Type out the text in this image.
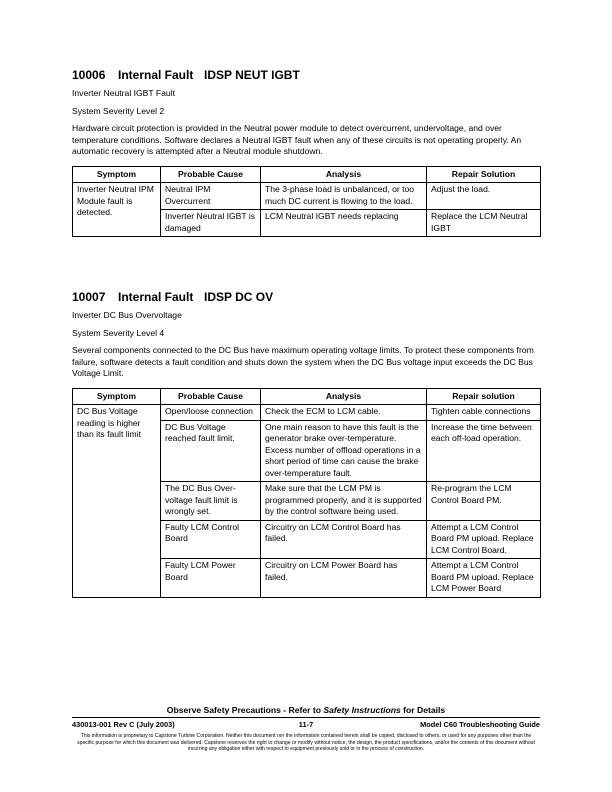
10006 Internal Fault IDSP NEUT IGBT

Inverter Neutral IGBT Fault

System Severity Level 2

Hardware circuit protection is provided in the Neutral power module to detect overcurrent, undervoltage, and over temperature conditions. Software declares a Neutral IGBT fault when any of these circuits is not operating properly. An automatic recovery is attempted after a Neutral module shutdown.

Symptom	Probable Cause	Analysis	Repair Solution
Inverter Neutral IPM Module fault is detected.	Neutral IPM Overcurrent	The 3-phase load is unbalanced, or too much DC current is flowing to the load.	Adjust the load.
	Inverter Neutral IGBT is damaged	LCM Neutral IGBT needs replacing	Replace the LCM Neutral IGBT
10007 Internal Fault IDSP DC OV

Inverter DC Bus Overvoltage

System Severity Level 4

Several components connected to the DC Bus have maximum operating voltage limits. To protect these components from failure, software detects a fault condition and shuts down the system when the DC Bus voltage input exceeds the DC Bus Voltage Limit.

Symptom	Probable Cause	Analysis	Repair solution
DC Bus Voltage reading is higher than its fault limit	Open/loose connection	Check the ECM to LCM cable.	Tighten cable connections
	DC Bus Voltage reached fault limit.	One main reason to have this fault is the generator brake over-temperature. Excess number of offload operations in a short period of time can cause the brake over-temperature fault.	Increase the time between each off-load operation.
	The DC Bus Over-voltage fault limit is wrongly set.	Make sure that the LCM PM is programmed properly, and it is supported by the control software being used.	Re-program the LCM Control Board PM.
	Faulty LCM Control Board	Circuitry on LCM Control Board has failed.	Attempt a LCM Control Board PM upload. Replace LCM Control Board.
	Faulty LCM Power Board	Circuitry on LCM Power Board has failed.	Attempt a LCM Control Board PM upload. Replace LCM Power Board
Observe Safety Precautions - Refer to Safety Instructions for Details
430013-001 Rev C (July 2003)	11-7	Model C60 Troubleshooting Guide
This information is proprietary to Capstone Turbine Corporation. Neither this document nor the information contained herein shall be copied, disclosed to others, or used for any purposes other than the specific purpose for which this document was delivered. Capstone reserves the right to change or modify without notice, the design, the product specifications, and/or the contents of this document without incurring any obligation either with respect to equipment previously sold or in the process of construction.
